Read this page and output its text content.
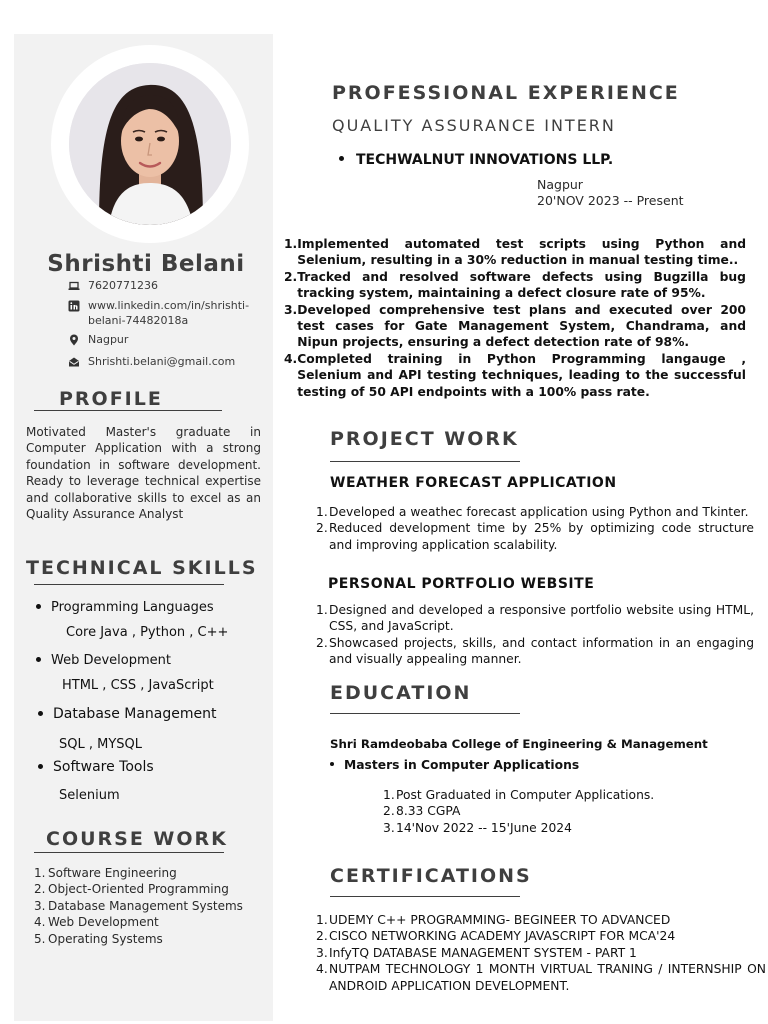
Shrishti Belani
7620771236
www.linkedin.com/in/shrishti-belani-74482018a
Nagpur
Shrishti.belani@gmail.com
PROFILE
Motivated Master's graduate in Computer Application with a strong foundation in software development. Ready to leverage technical expertise and collaborative skills to excel as an Quality Assurance Analyst
TECHNICAL SKILLS
Programming Languages
Core Java , Python , C++
Web Development
HTML , CSS , JavaScript
Database Management
SQL , MYSQL
Software Tools
Selenium
COURSE WORK
1. Software Engineering
2. Object-Oriented Programming
3. Database Management Systems
4. Web Development
5. Operating Systems
PROFESSIONAL EXPERIENCE
QUALITY ASSURANCE INTERN
TECHWALNUT INNOVATIONS LLP.
Nagpur
20'NOV 2023 -- Present
1. Implemented automated test scripts using Python and Selenium, resulting in a 30% reduction in manual testing time..
2. Tracked and resolved software defects using Bugzilla bug tracking system, maintaining a defect closure rate of 95%.
3. Developed comprehensive test plans and executed over 200 test cases for Gate Management System, Chandrama, and Nipun projects, ensuring a defect detection rate of 98%.
4. Completed training in Python Programming langauge , Selenium and API testing techniques, leading to the successful testing of 50 API endpoints with a 100% pass rate.
PROJECT WORK
WEATHER FORECAST APPLICATION
1. Developed a weathec forecast application using Python and Tkinter.
2. Reduced development time by 25% by optimizing code structure and improving application scalability.
PERSONAL PORTFOLIO WEBSITE
1. Designed and developed a responsive portfolio website using HTML, CSS, and JavaScript.
2. Showcased projects, skills, and contact information in an engaging and visually appealing manner.
EDUCATION
Shri Ramdeobaba College of Engineering & Management
Masters in Computer Applications
1. Post Graduated in Computer Applications.
2. 8.33 CGPA
3. 14'Nov 2022 -- 15'June 2024
CERTIFICATIONS
1. UDEMY C++ PROGRAMMING- BEGINEER TO ADVANCED
2. CISCO NETWORKING ACADEMY JAVASCRIPT FOR MCA'24
3. InfyTQ DATABASE MANAGEMENT SYSTEM - PART 1
4. NUTPAM TECHNOLOGY 1 MONTH VIRTUAL TRANING / INTERNSHIP ON ANDROID APPLICATION DEVELOPMENT.
